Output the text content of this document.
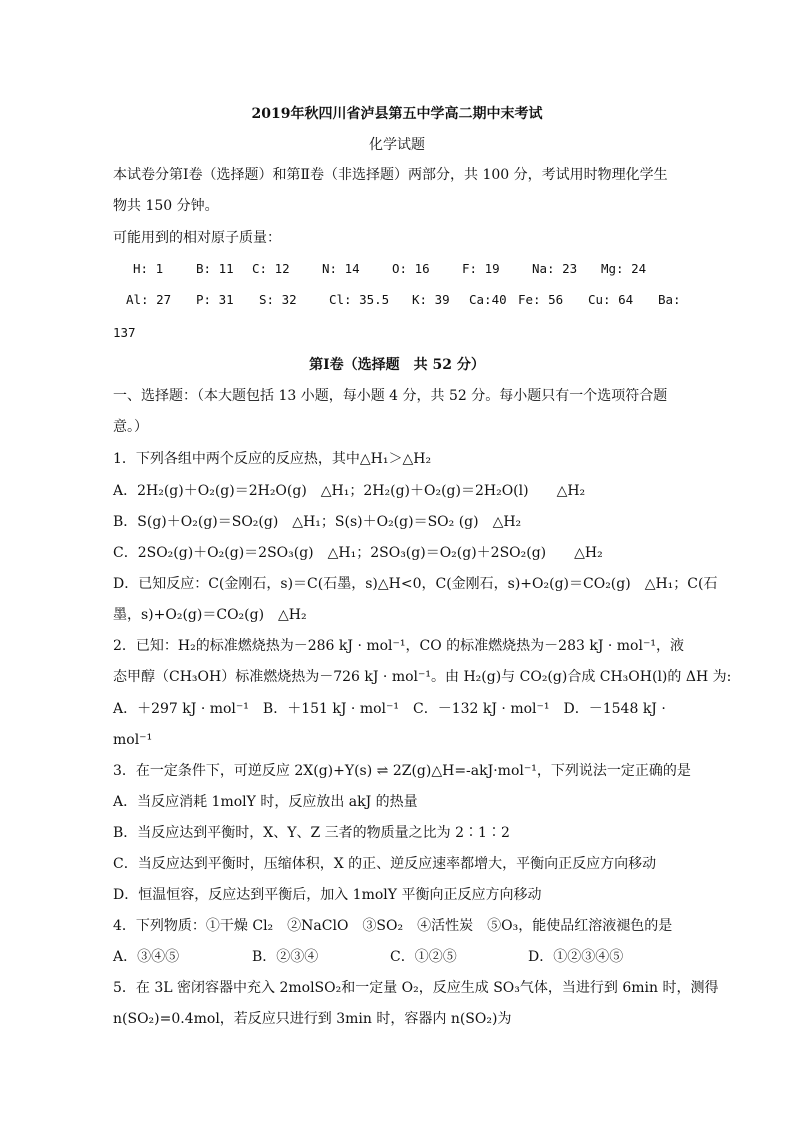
2019年秋四川省泸县第五中学高二期中末考试
化学试题
本试卷分第Ⅰ卷（选择题）和第Ⅱ卷（非选择题）两部分，共 100 分，考试用时物理化学生
物共 150 分钟。
可能用到的相对原子质量：
H: 1	B: 11 C: 12	N: 14	O: 16	F: 19	Na: 23 Mg: 24
Al: 27 P: 31 S: 32	Cl: 35.5 K: 39 Ca:40 Fe: 56 Cu: 64 Ba:
137
第Ⅰ卷（选择题　共 52 分）
一、选择题：（本大题包括 13 小题，每小题 4 分，共 52 分。每小题只有一个选项符合题
意。）
1．下列各组中两个反应的反应热，其中△H₁＞△H₂
A．2H₂(g)＋O₂(g)＝2H₂O(g)　△H₁；2H₂(g)＋O₂(g)＝2H₂O(l)　　△H₂
B．S(g)＋O₂(g)＝SO₂(g)　△H₁；S(s)＋O₂(g)＝SO₂ (g)　△H₂
C．2SO₂(g)＋O₂(g)＝2SO₃(g)　△H₁；2SO₃(g)＝O₂(g)＋2SO₂(g)　　△H₂
D．已知反应：C(金刚石，s)＝C(石墨，s)△H<0，C(金刚石，s)+O₂(g)＝CO₂(g)　△H₁；C(石
墨，s)+O₂(g)＝CO₂(g)　△H₂
2．已知：H₂的标准燃烧热为－286 kJ · mol⁻¹，CO 的标准燃烧热为－283 kJ · mol⁻¹，液
态甲醇（CH₃OH）标准燃烧热为－726 kJ · mol⁻¹。由 H₂(g)与 CO₂(g)合成 CH₃OH(l)的 ΔH 为:
A．＋297 kJ · mol⁻¹　B．＋151 kJ · mol⁻¹　C．－132 kJ · mol⁻¹　D．－1548 kJ ·
mol⁻¹
3．在一定条件下，可逆反应 2X(g)+Y(s) ⇌ 2Z(g)△H=-akJ·mol⁻¹，下列说法一定正确的是
A．当反应消耗 1molY 时，反应放出 akJ 的热量
B．当反应达到平衡时，X、Y、Z 三者的物质量之比为 2∶1∶2
C．当反应达到平衡时，压缩体积，X 的正、逆反应速率都增大，平衡向正反应方向移动
D．恒温恒容，反应达到平衡后，加入 1molY 平衡向正反应方向移动
4．下列物质：①干燥 Cl₂　②NaClO　③SO₂　④活性炭　⑤O₃，能使品红溶液褪色的是
A．③④⑤	B．②③④	C．①②⑤	D．①②③④⑤
5．在 3L 密闭容器中充入 2molSO₂和一定量 O₂，反应生成 SO₃气体，当进行到 6min 时，测得
n(SO₂)=0.4mol，若反应只进行到 3min 时，容器内 n(SO₂)为
